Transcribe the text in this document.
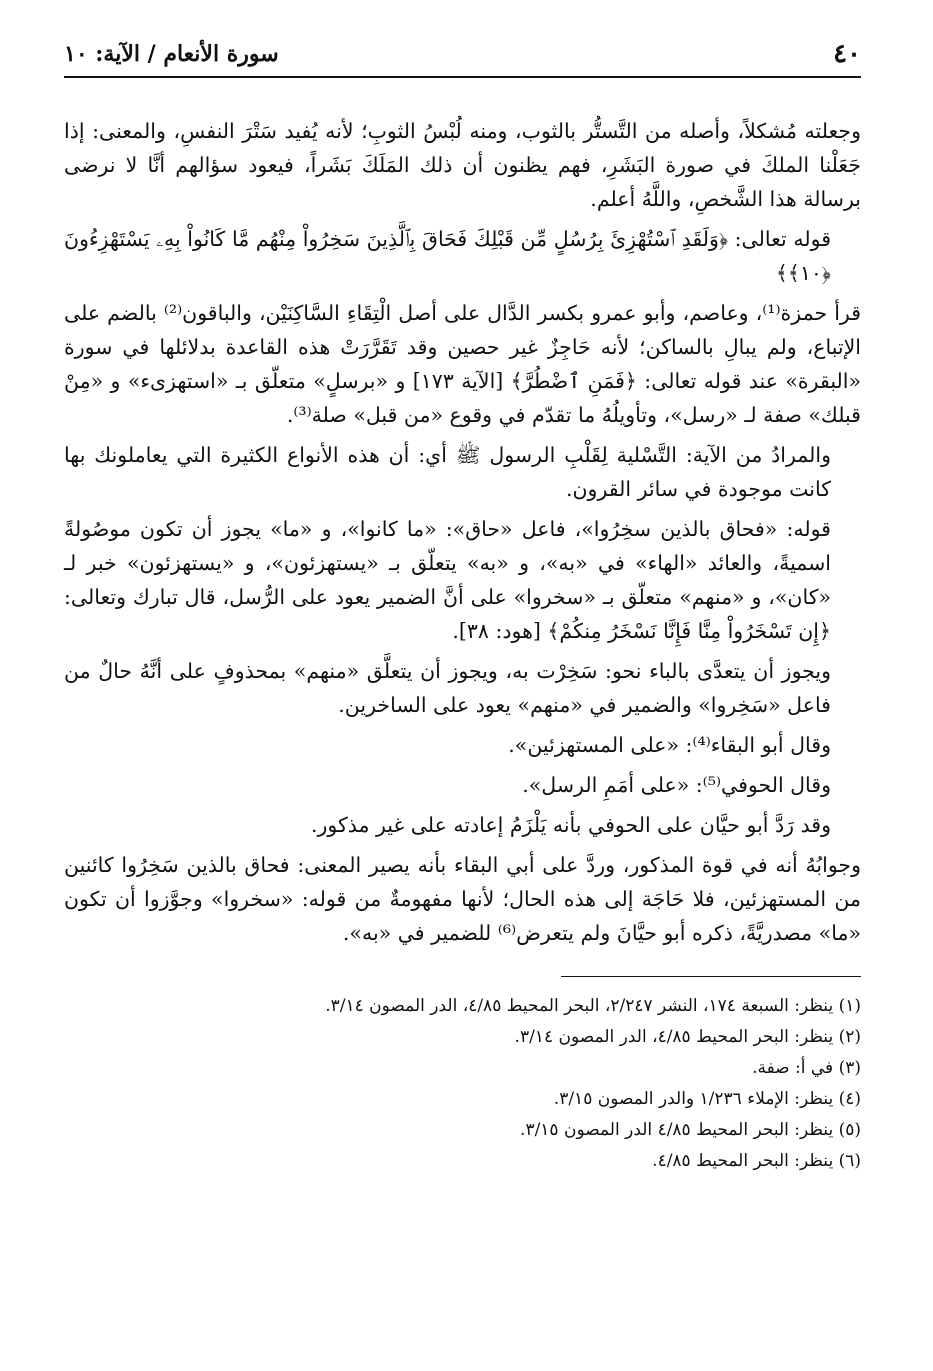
٤٠
سورة الأنعام / الآية: ١٠

وجعلته مُشكلاً، وأصله من التَّستُّر بالثوب، ومنه لُبْسُ الثوبِ؛ لأنه يُفيد سَتْرَ النفسِ، والمعنى: إذا جَعَلْنا الملكَ في صورة البَشَرِ، فهم يظنون أن ذلك المَلَكَ بَشَراً، فيعود سؤالهم أنَّا لا نرضى برسالة هذا الشَّخصِ، واللَّهُ أعلم.

قوله تعالى: ﴿وَلَقَدِ ٱسْتُهْزِئَ بِرُسُلٍ مِّن قَبْلِكَ فَحَاقَ بِٱلَّذِينَ سَخِرُواْ مِنْهُم مَّا كَانُواْ بِهِۦ يَسْتَهْزِءُونَ ﴿١٠﴾﴾

قرأ حمزة⁽¹⁾، وعاصم، وأبو عمرو بكسر الدَّال على أصل الْتِقَاءِ السَّاكِنَيْن، والباقون⁽²⁾ بالضم على الإتباع، ولم يبالِ بالساكن؛ لأنه حَاجِزٌ غير حصين وقد تَقَرَّرَتْ هذه القاعدة بدلائلها في سورة «البقرة» عند قوله تعالى: ﴿فَمَنِ ٱضْطُرَّ﴾ [الآية ١٧٣] و «برسلٍ» متعلّق بـ «استهزىء» و «مِنْ قبلك» صفة لـ «رسل»، وتأويلُهُ ما تقدّم في وقوع «من قبل» صلة⁽³⁾.

والمرادُ من الآية: التَّسْلية لِقَلْبِ الرسول ﷺ أي: أن هذه الأنواع الكثيرة التي يعاملونك بها كانت موجودة في سائر القرون.

قوله: «فحاق بالذين سخِرُوا»، فاعل «حاق»: «ما كانوا»، و «ما» يجوز أن تكون موصُولةً اسميةً، والعائد «الهاء» في «به»، و «به» يتعلّق بـ «يستهزئون»، و «يستهزئون» خبر لـ «كان»، و «منهم» متعلّق بـ «سخروا» على أنَّ الضمير يعود على الرُّسل، قال تبارك وتعالى: ﴿إِن تَسْخَرُواْ مِنَّا فَإِنَّا نَسْخَرُ مِنكُمْ﴾ [هود: ٣٨].

ويجوز أن يتعدَّى بالباء نحو: سَخِرْت به، ويجوز أن يتعلَّق «منهم» بمحذوفٍ على أنَّهُ حالٌ من فاعل «سَخِروا» والضمير في «منهم» يعود على الساخرين.

وقال أبو البقاء⁽⁴⁾: «على المستهزئين».

وقال الحوفي⁽⁵⁾: «على أمَمِ الرسل».

وقد رَدَّ أبو حيَّان على الحوفي بأنه يَلْزَمُ إعادته على غير مذكور.

وجوابُهُ أنه في قوة المذكور، وردَّ على أبي البقاء بأنه يصير المعنى: فحاق بالذين سَخِرُوا كائنين من المستهزئين، فلا حَاجَة إلى هذه الحال؛ لأنها مفهومةٌ من قوله: «سخروا» وجوَّزوا أن تكون «ما» مصدريَّةً، ذكره أبو حيَّانَ ولم يتعرض⁽⁶⁾ للضمير في «به».

(١) ينظر: السبعة ١٧٤، النشر ٢/٢٤٧، البحر المحيط ٤/٨٥، الدر المصون ٣/١٤.
(٢) ينظر: البحر المحيط ٤/٨٥، الدر المصون ٣/١٤.
(٣) في أ: صفة.
(٤) ينظر: الإملاء ١/٢٣٦ والدر المصون ٣/١٥.
(٥) ينظر: البحر المحيط ٤/٨٥ الدر المصون ٣/١٥.
(٦) ينظر: البحر المحيط ٤/٨٥.
